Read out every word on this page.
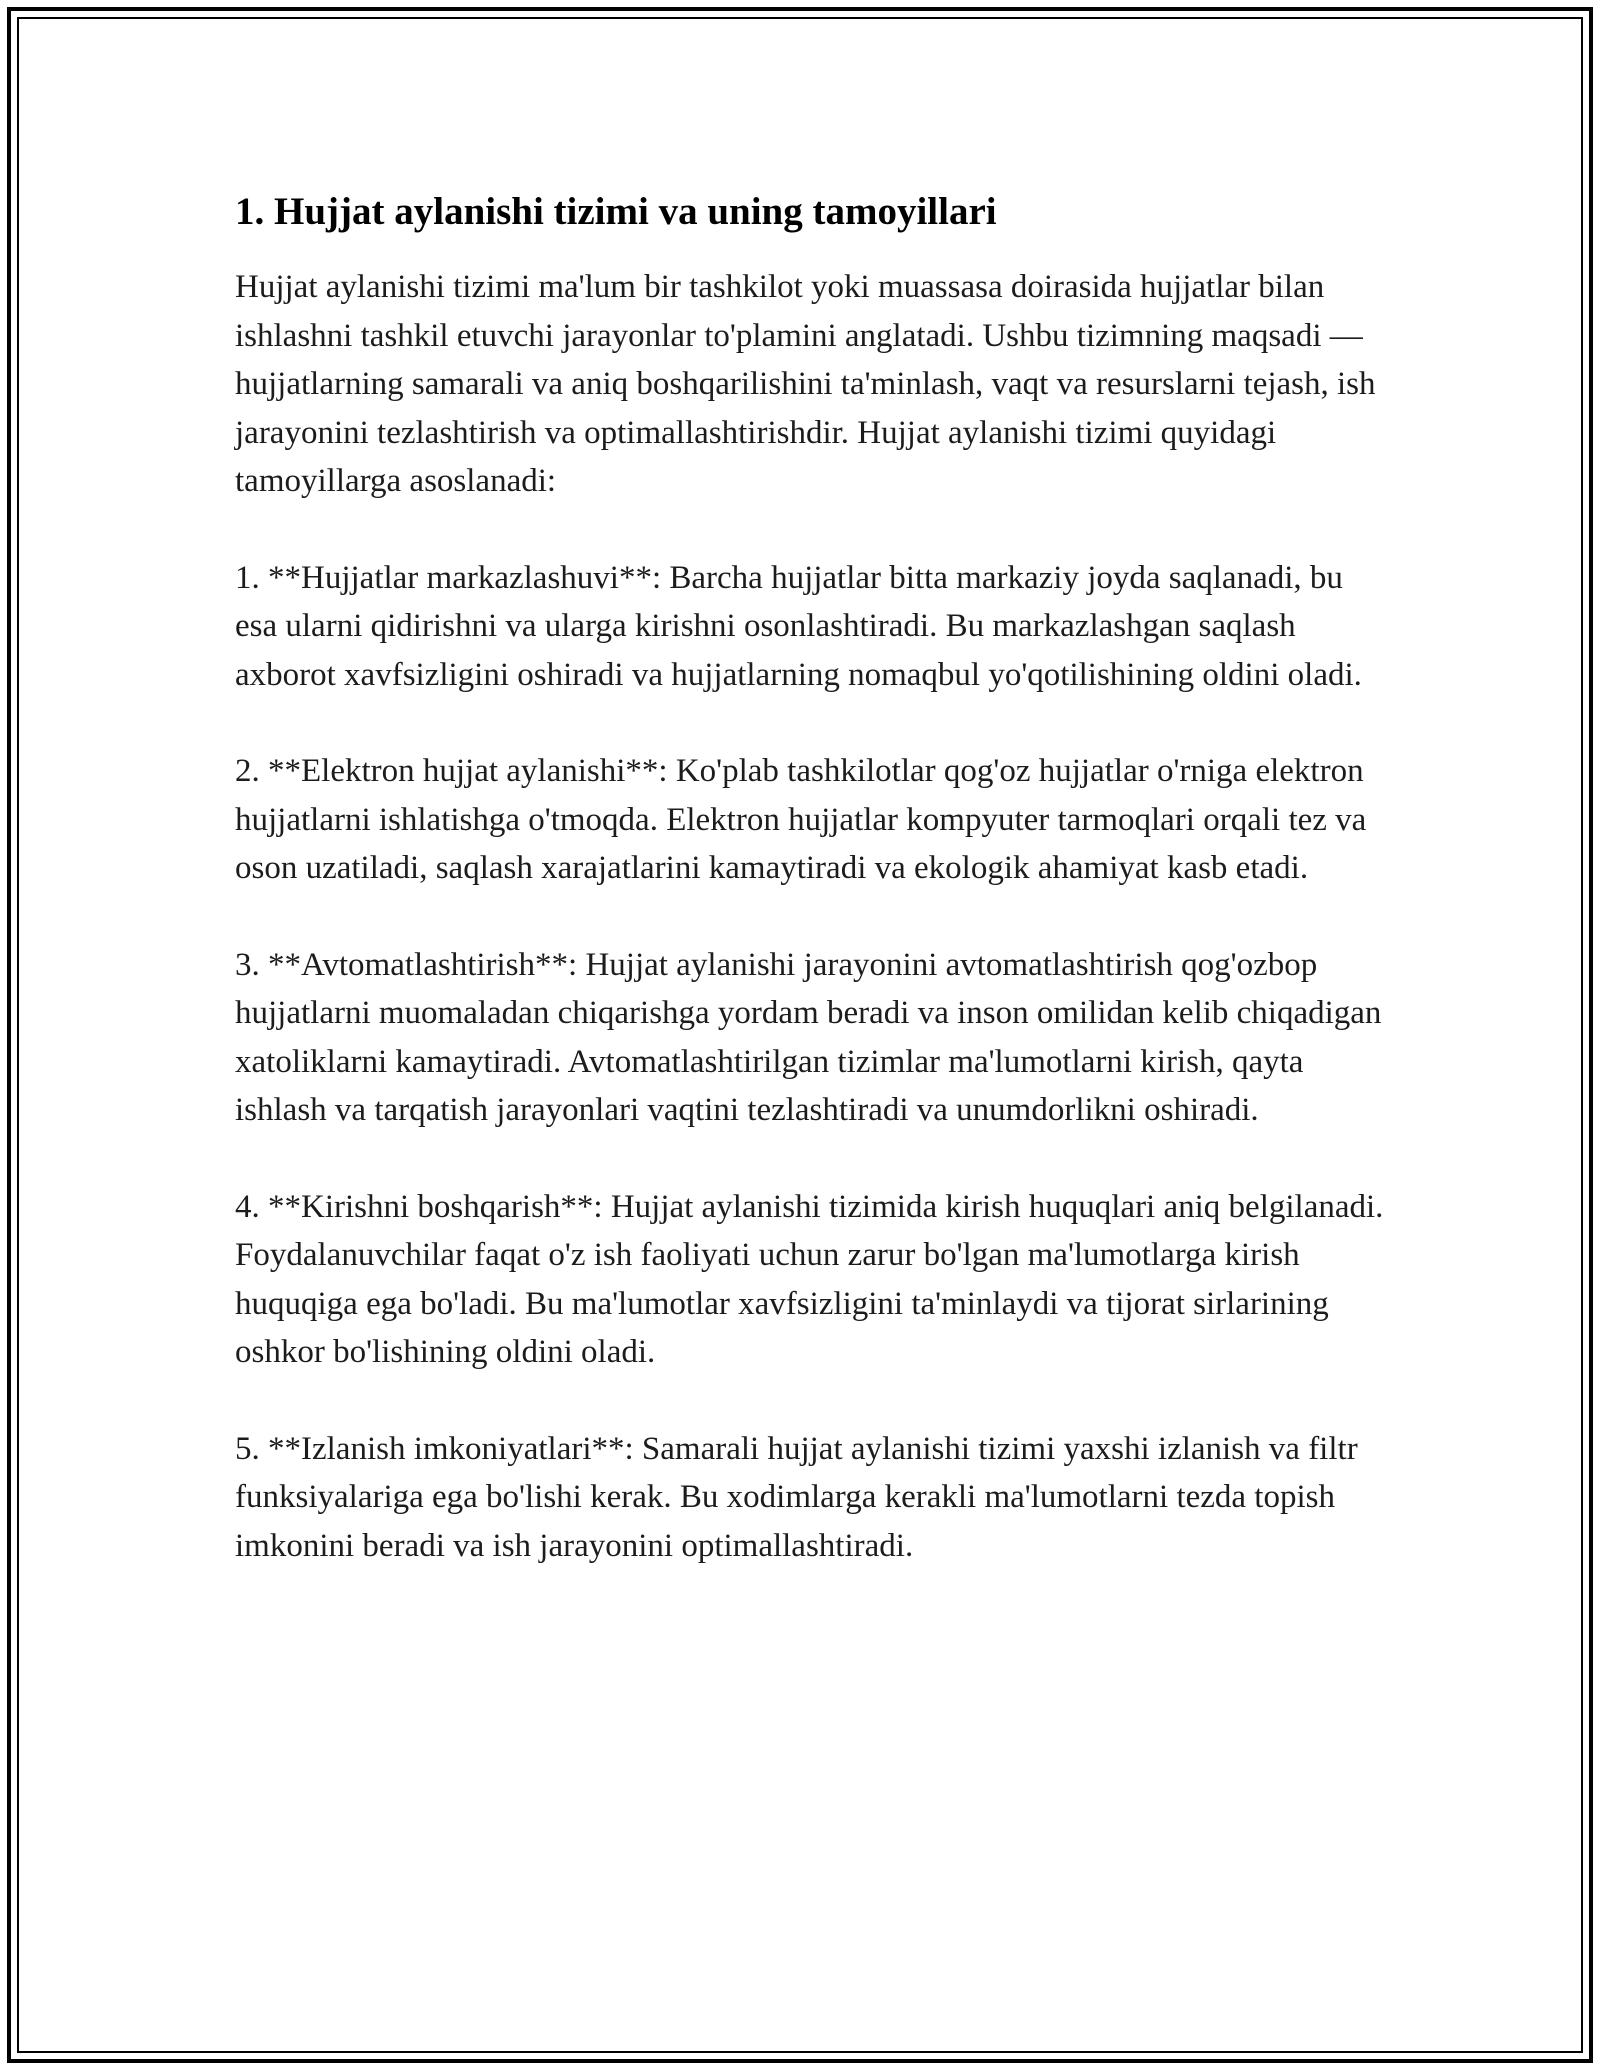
1. Hujjat aylanishi tizimi va uning tamoyillari

Hujjat aylanishi tizimi ma'lum bir tashkilot yoki muassasa doirasida hujjatlar bilan ishlashni tashkil etuvchi jarayonlar to'plamini anglatadi. Ushbu tizimning maqsadi — hujjatlarning samarali va aniq boshqarilishini ta'minlash, vaqt va resurslarni tejash, ish jarayonini tezlashtirish va optimallashtirishdir. Hujjat aylanishi tizimi quyidagi tamoyillarga asoslanadi:

1. **Hujjatlar markazlashuvi**: Barcha hujjatlar bitta markaziy joyda saqlanadi, bu esa ularni qidirishni va ularga kirishni osonlashtiradi. Bu markazlashgan saqlash axborot xavfsizligini oshiradi va hujjatlarning nomaqbul yo'qotilishining oldini oladi.

2. **Elektron hujjat aylanishi**: Ko'plab tashkilotlar qog'oz hujjatlar o'rniga elektron hujjatlarni ishlatishga o'tmoqda. Elektron hujjatlar kompyuter tarmoqlari orqali tez va oson uzatiladi, saqlash xarajatlarini kamaytiradi va ekologik ahamiyat kasb etadi.

3. **Avtomatlashtirish**: Hujjat aylanishi jarayonini avtomatlashtirish qog'ozbop hujjatlarni muomaladan chiqarishga yordam beradi va inson omilidan kelib chiqadigan xatoliklarni kamaytiradi. Avtomatlashtirilgan tizimlar ma'lumotlarni kirish, qayta ishlash va tarqatish jarayonlari vaqtini tezlashtiradi va unumdorlikni oshiradi.

4. **Kirishni boshqarish**: Hujjat aylanishi tizimida kirish huquqlari aniq belgilanadi. Foydalanuvchilar faqat o'z ish faoliyati uchun zarur bo'lgan ma'lumotlarga kirish huquqiga ega bo'ladi. Bu ma'lumotlar xavfsizligini ta'minlaydi va tijorat sirlarining oshkor bo'lishining oldini oladi.

5. **Izlanish imkoniyatlari**: Samarali hujjat aylanishi tizimi yaxshi izlanish va filtr funksiyalariga ega bo'lishi kerak. Bu xodimlarga kerakli ma'lumotlarni tezda topish imkonini beradi va ish jarayonini optimallashtiradi.
